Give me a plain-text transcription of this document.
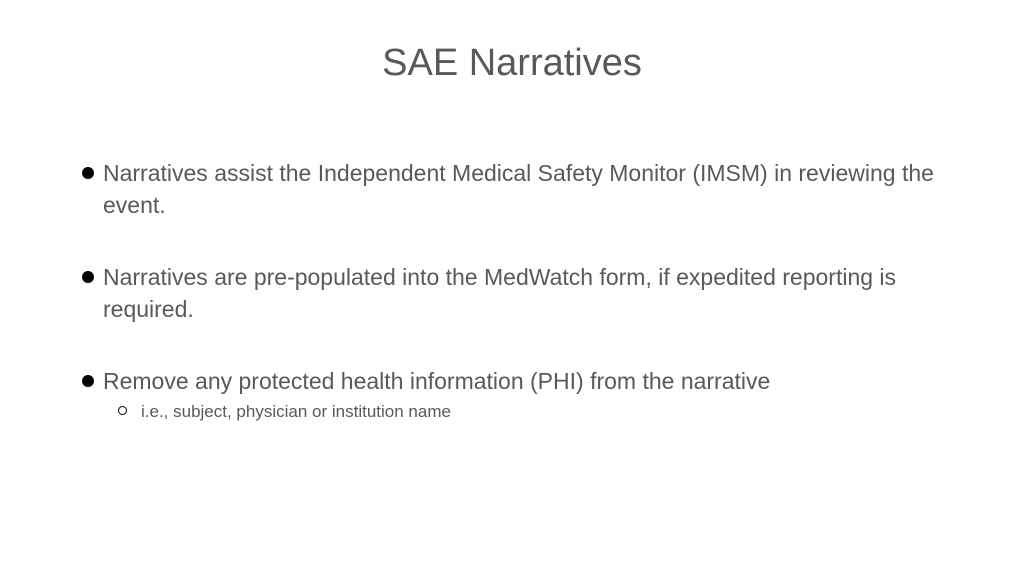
SAE Narratives
Narratives assist the Independent Medical Safety Monitor (IMSM) in reviewing the event.
Narratives are pre-populated into the MedWatch form, if expedited reporting is required.
Remove any protected health information (PHI) from the narrative
i.e., subject, physician or institution name
